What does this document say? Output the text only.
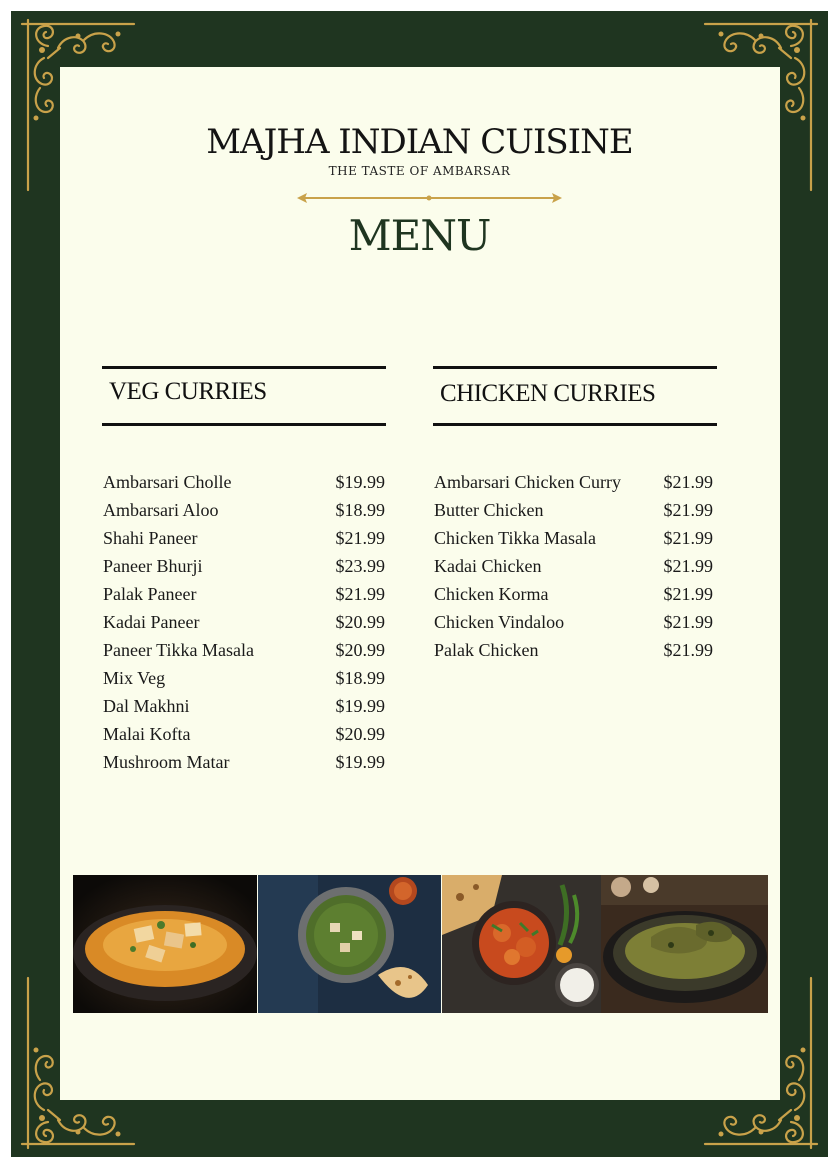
MAJHA INDIAN CUISINE
THE TASTE OF AMBARSAR
MENU
VEG CURRIES	CHICKEN CURRIES
Ambarsari Cholle	$19.99
Ambarsari Aloo	$18.99
Shahi Paneer	$21.99
Paneer Bhurji	$23.99
Palak Paneer	$21.99
Kadai Paneer	$20.99
Paneer Tikka Masala	$20.99
Mix Veg	$18.99
Dal Makhni	$19.99
Malai Kofta	$20.99
Mushroom Matar	$19.99
Ambarsari Chicken Curry $21.99
Butter Chicken	$21.99
Chicken Tikka Masala	$21.99
Kadai Chicken	$21.99
Chicken Korma	$21.99
Chicken Vindaloo	$21.99
Palak Chicken	$21.99
